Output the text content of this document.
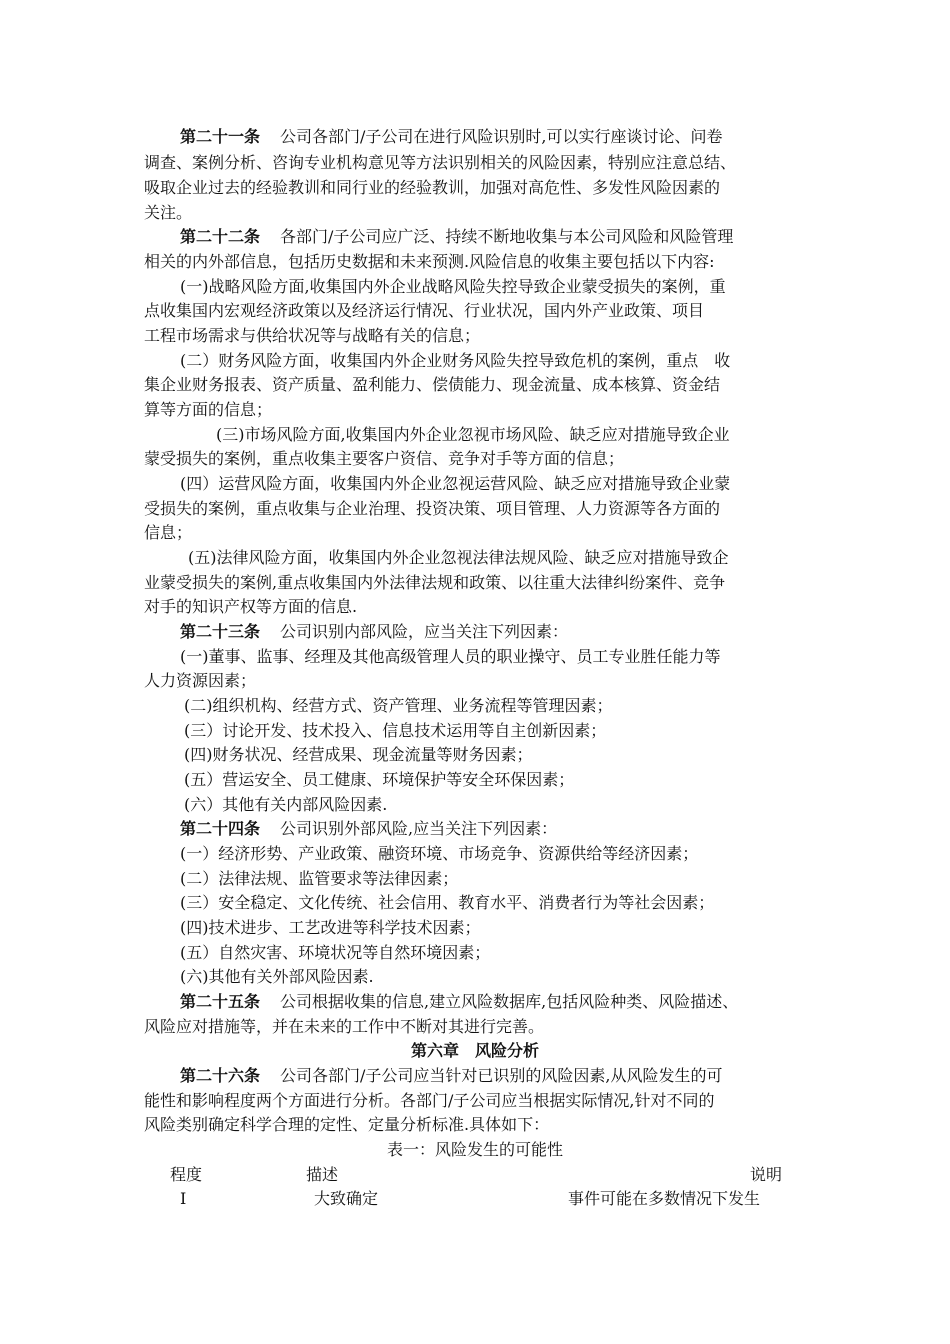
第二十一条 公司各部门/子公司在进行风险识别时,可以实行座谈讨论、问卷
调查、案例分析、咨询专业机构意见等方法识别相关的风险因素，特别应注意总结、
吸取企业过去的经验教训和同行业的经验教训，加强对高危性、多发性风险因素的
关注。
第二十二条 各部门/子公司应广泛、持续不断地收集与本公司风险和风险管理
相关的内外部信息，包括历史数据和未来预测.风险信息的收集主要包括以下内容:
(一)战略风险方面,收集国内外企业战略风险失控导致企业蒙受损失的案例，重
点收集国内宏观经济政策以及经济运行情况、行业状况，国内外产业政策、项目
工程市场需求与供给状况等与战略有关的信息；
(二）财务风险方面，收集国内外企业财务风险失控导致危机的案例，重点　收
集企业财务报表、资产质量、盈利能力、偿债能力、现金流量、成本核算、资金结
算等方面的信息；
(三)市场风险方面,收集国内外企业忽视市场风险、缺乏应对措施导致企业
蒙受损失的案例，重点收集主要客户资信、竞争对手等方面的信息；
(四）运营风险方面，收集国内外企业忽视运营风险、缺乏应对措施导致企业蒙
受损失的案例，重点收集与企业治理、投资决策、项目管理、人力资源等各方面的
信息；
(五)法律风险方面，收集国内外企业忽视法律法规风险、缺乏应对措施导致企
业蒙受损失的案例,重点收集国内外法律法规和政策、以往重大法律纠纷案件、竞争
对手的知识产权等方面的信息.
第二十三条 公司识别内部风险，应当关注下列因素：
(一)董事、监事、经理及其他高级管理人员的职业操守、员工专业胜任能力等
人力资源因素；
(二)组织机构、经营方式、资产管理、业务流程等管理因素；
(三）讨论开发、技术投入、信息技术运用等自主创新因素；
(四)财务状况、经营成果、现金流量等财务因素；
(五）营运安全、员工健康、环境保护等安全环保因素；
(六）其他有关内部风险因素.
第二十四条 公司识别外部风险,应当关注下列因素：
(一）经济形势、产业政策、融资环境、市场竞争、资源供给等经济因素；
(二）法律法规、监管要求等法律因素；
(三）安全稳定、文化传统、社会信用、教育水平、消费者行为等社会因素；
(四)技术进步、工艺改进等科学技术因素；
(五）自然灾害、环境状况等自然环境因素；
(六)其他有关外部风险因素.
第二十五条 公司根据收集的信息,建立风险数据库,包括风险种类、风险描述、
风险应对措施等，并在未来的工作中不断对其进行完善。
第六章　风险分析
第二十六条 公司各部门/子公司应当针对已识别的风险因素,从风险发生的可
能性和影响程度两个方面进行分析。各部门/子公司应当根据实际情况,针对不同的
风险类别确定科学合理的定性、定量分析标准.具体如下：
表一：风险发生的可能性
程度	描述	说明
I	大致确定	事件可能在多数情况下发生
